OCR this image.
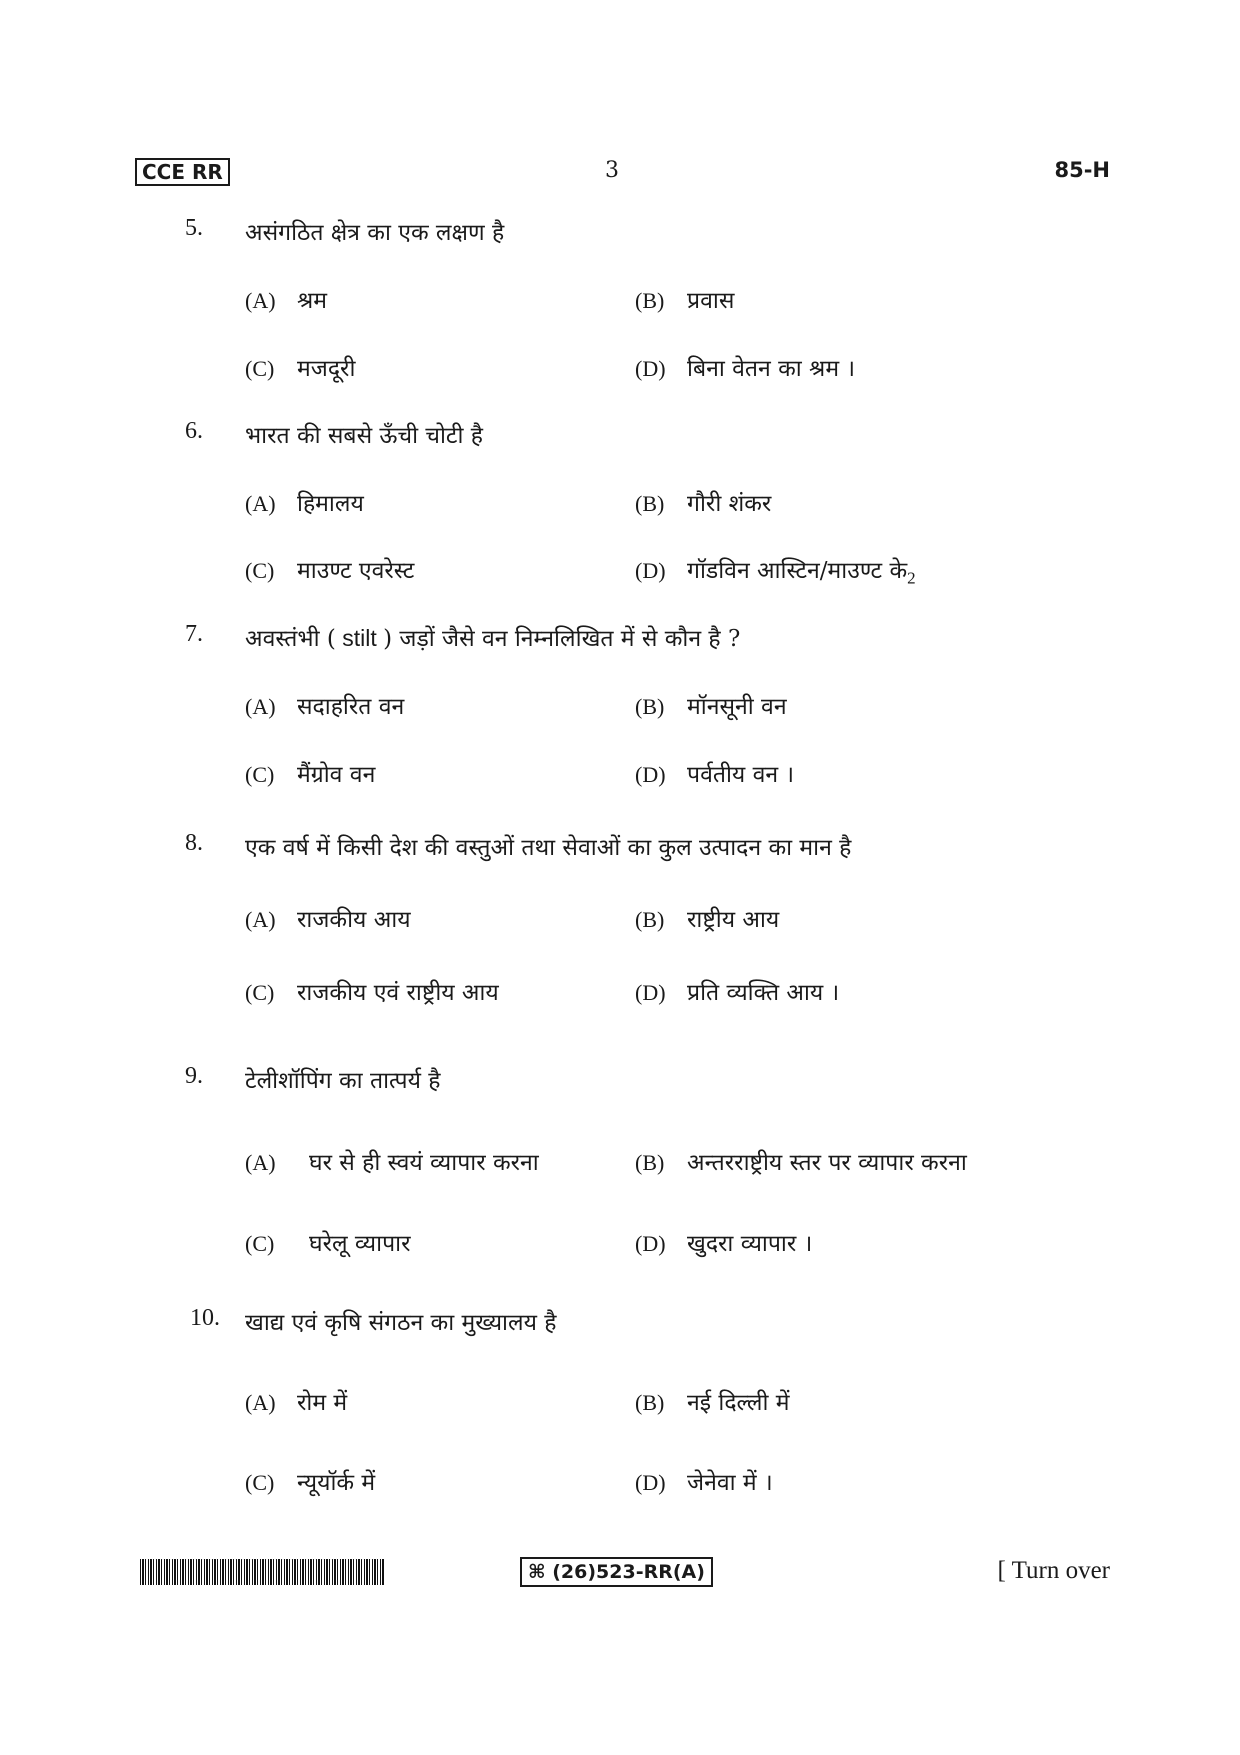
CCE RR	3	85-H
5. असंगठित क्षेत्र का एक लक्षण है
(A) श्रम	(B) प्रवास
(C) मजदूरी	(D) बिना वेतन का श्रम ।
6. भारत की सबसे ऊँची चोटी है
(A) हिमालय	(B) गौरी शंकर
(C) माउण्ट एवरेस्ट	(D) गॉडविन आस्टिन/माउण्ट $के_2$
7. अवस्तंभी ( stilt ) जड़ों जैसे वन निम्नलिखित में से कौन है ?
(A) सदाहरित वन	(B) मॉनसूनी वन
(C) मैंग्रोव वन	(D) पर्वतीय वन ।
8. एक वर्ष में किसी देश की वस्तुओं तथा सेवाओं का कुल उत्पादन का मान है
(A) राजकीय आय	(B) राष्ट्रीय आय
(C) राजकीय एवं राष्ट्रीय आय	(D) प्रति व्यक्ति आय ।
9. टेलीशॉपिंग का तात्पर्य है
(A) घर से ही स्वयं व्यापार करना	(B) अन्तरराष्ट्रीय स्तर पर व्यापार करना
(C) घरेलू व्यापार	(D) खुदरा व्यापार ।
10. खाद्य एवं कृषि संगठन का मुख्यालय है
(A) रोम में	(B) नई दिल्ली में
(C) न्यूयॉर्क में	(D) जेनेवा में ।
⌘ (26)523-RR(A)	[ Turn over
